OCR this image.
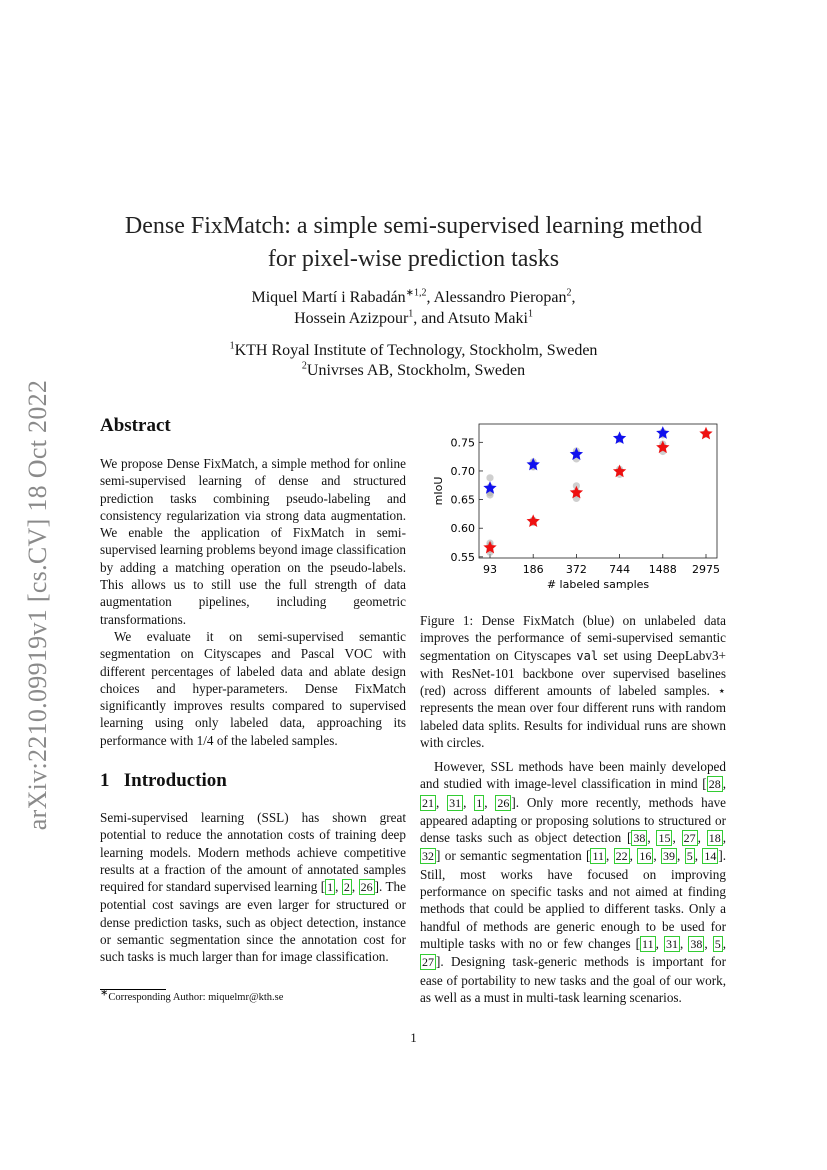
arXiv:2210.09919v1 [cs.CV] 18 Oct 2022
Dense FixMatch: a simple semi-supervised learning method
for pixel-wise prediction tasks
Miquel Martí i Rabadán$^{∗1,2}$, Alessandro Pieropan$^2$,
Hossein Azizpour$^1$, and Atsuto Maki$^1$
$^1$KTH Royal Institute of Technology, Stockholm, Sweden
$^2$Univrses AB, Stockholm, Sweden
Abstract

We propose Dense FixMatch, a simple method for online semi-supervised learning of dense and structured prediction tasks combining pseudo-labeling and consistency regularization via strong data augmentation. We enable the application of FixMatch in semi-supervised learning problems beyond image classification by adding a matching operation on the pseudo-labels. This allows us to still use the full strength of data augmentation pipelines, including geometric transformations.

We evaluate it on semi-supervised semantic segmentation on Cityscapes and Pascal VOC with different percentages of labeled data and ablate design choices and hyper-parameters. Dense FixMatch significantly improves results compared to supervised learning using only labeled data, approaching its performance with 1/4 of the labeled samples.

1 Introduction

Semi-supervised learning (SSL) has shown great potential to reduce the annotation costs of training deep learning models. Modern methods achieve competitive results at a fraction of the amount of annotated samples required for standard supervised learning [ 1 , 2 , 26 ]. The potential cost savings are even larger for structured or dense prediction tasks, such as object detection, instance or semantic segmentation since the annotation cost for such tasks is much larger than for image classification.

0.55
0.60
0.65
0.70
0.75
93 186 372 744 1488 2975
mIoU
# labeled samples

Figure 1: Dense FixMatch (blue) on unlabeled data improves the performance of semi-supervised semantic segmentation on Cityscapes val set using DeepLabv3+ with ResNet-101 backbone over supervised baselines (red) across different amounts of labeled samples. ⋆ represents the mean over four different runs with random labeled data splits. Results for individual runs are shown with circles.

However, SSL methods have been mainly developed and studied with image-level classification in mind [ 28 , 21 , 31 , 1 , 26 ]. Only more recently, methods have appeared adapting or proposing solutions to structured or dense tasks such as object detection [ 38 , 15 , 27 , 18 , 32 ] or semantic segmentation [ 11 , 22 , 16 , 39 , 5 , 14 ]. Still, most works have focused on improving performance on specific tasks and not aimed at finding methods that could be applied to different tasks. Only a handful of methods are generic enough to be used for multiple tasks with no or few changes [ 11 , 31 , 38 , 5 , 27 ]. Designing task-generic methods is important for ease of portability to new tasks and the goal of our work, as well as a must in multi-task learning scenarios.

∗Corresponding Author: miquelmr@kth.se
1
